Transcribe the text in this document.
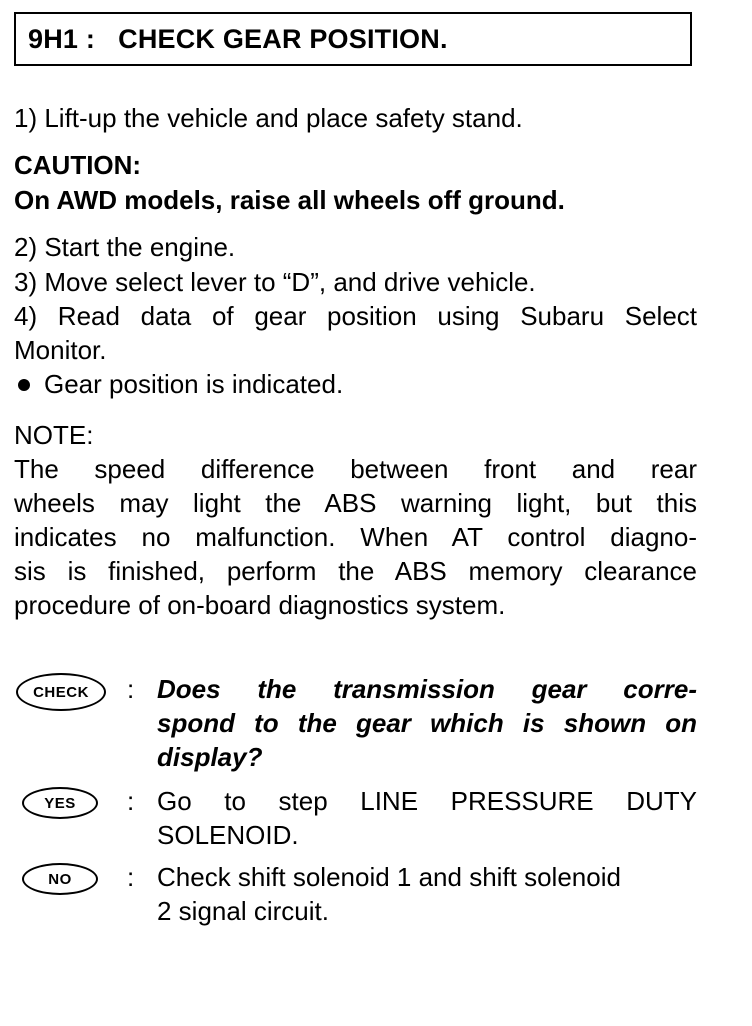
9H1 :   CHECK GEAR POSITION.
1) Lift-up the vehicle and place safety stand.
CAUTION:
On AWD models, raise all wheels off ground.
2) Start the engine.
3) Move select lever to “D”, and drive vehicle.
4) Read data of gear position using Subaru Select
Monitor.
Gear position is indicated.
NOTE:
The speed difference between front and rear
wheels may light the ABS warning light, but this
indicates no malfunction. When AT control diagno-
sis is finished, perform the ABS memory clearance
procedure of on-board diagnostics system.
CHECK	: Does the transmission gear corre-
spond to the gear which is shown on
display?
YES	: Go to step LINE PRESSURE DUTY
SOLENOID.
NO	: Check shift solenoid 1 and shift solenoid
2 signal circuit.
